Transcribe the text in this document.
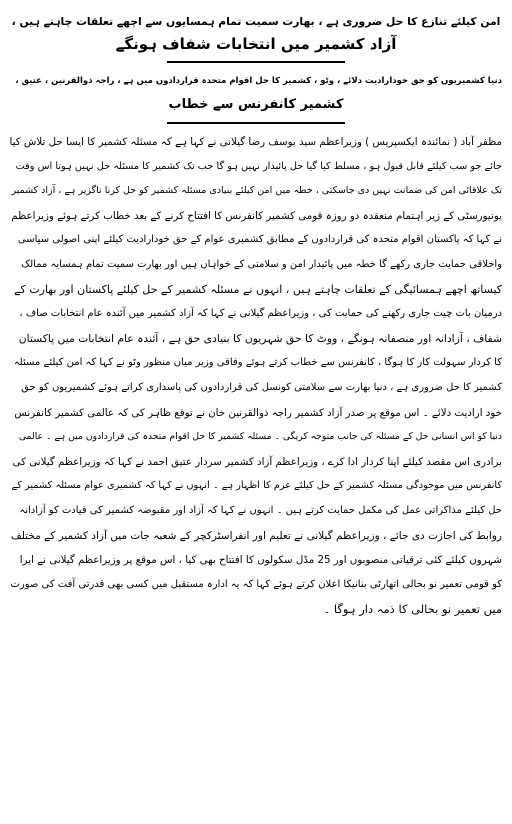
امن کیلئے تنازع کا حل ضروری ہے ، بھارت سمیت تمام ہمسایوں سے اچھے تعلقات چاہتے ہیں ،
آزاد کشمیر میں انتخابات شفاف ہونگے
دنیا کشمیریوں کو حق خودارادیت دلائے ، وٹو ، کشمیر کا حل اقوام متحدہ قراردادوں میں ہے ، راجہ ذوالقرنین ، عتیق ،
کشمیر کانفرنس سے خطاب
مظفر آباد ( نمائندہ ایکسپریس ) وزیراعظم سید یوسف رضا گیلانی نے کہا ہے کہ مسئلہ کشمیر کا ایسا حل تلاش کیا
جائے جو سب کیلئے قابل قبول ہو ، مسلط کیا گیا حل پائیدار نہیں ہو گا جب تک کشمیر کا مسئلہ حل نہیں ہوتا اس وقت
تک علاقائی امن کی ضمانت نہیں دی جاسکتی ، خطہ میں امن کیلئے بنیادی مسئلہ کشمیر کو حل کرنا ناگزیر ہے ، آزاد کشمیر
یونیورسٹی کے زیر اہتمام منعقدہ دو روزہ قومی کشمیر کانفرنس کا افتتاح کرنے کے بعد خطاب کرتے ہوئے وزیراعظم
نے کہا کہ پاکستان اقوام متحدہ کی قراردادوں کے مطابق کشمیری عوام کے حق خودارادیت کیلئے اپنی اصولی سیاسی
واخلاقی حمایت جاری رکھے گا خطہ میں پائیدار امن و سلامتی کے خواہاں ہیں اور بھارت سمیت تمام ہمسایہ ممالک
کیساتھ اچھے ہمسائیگی کے تعلقات چاہتے ہیں ، انہوں نے مسئلہ کشمیر کے حل کیلئے پاکستان اور بھارت کے
درمیان بات چیت جاری رکھنے کی حمایت کی ، وزیراعظم گیلانی نے کہا کہ آزاد کشمیر میں آئندہ عام انتخابات صاف ،
شفاف ، آزادانہ اور منصفانہ ہونگے ، ووٹ کا حق شہریوں کا بنیادی حق ہے ، آئندہ عام انتخابات میں پاکستان
کا کردار سہولت کار کا ہوگا ، کانفرنس سے خطاب کرتے ہوئے وفاقی وزیر میاں منظور وٹو نے کہا کہ امن کیلئے مسئلہ
کشمیر کا حل ضروری ہے ، دنیا بھارت سے سلامتی کونسل کی قراردادوں کی پاسداری کراتے ہوئے کشمیریوں کو حق
خود ارادیت دلائے ۔ اس موقع پر صدر آزاد کشمیر راجہ ذوالقرنین خان نے توقع ظاہر کی کہ عالمی کشمیر کانفرنس
دنیا کو اس انسانی حل کے مسئلہ کی جانب متوجہ کریگی ۔ مسئلہ کشمیر کا حل اقوام متحدہ کی قراردادوں میں ہے ۔ عالمی
برادری اس مقصد کیلئے اپنا کردار ادا کرے ، وزیراعظم آزاد کشمیر سردار عتیق احمد نے کہا کہ وزیراعظم گیلانی کی
کانفرنس میں موجودگی مسئلہ کشمیر کے حل کیلئے عزم کا اظہار ہے ۔ انہوں نے کہا کہ کشمیری عوام مسئلہ کشمیر کے
حل کیلئے مذاکراتی عمل کی مکمل حمایت کرتے ہیں ۔ انہوں نے کہا کہ آزاد اور مقبوضہ کشمیر کی قیادت کو آزادانہ
روابط کی اجازت دی جائے ، وزیراعظم گیلانی نے تعلیم اور انفراسٹرکچر کے شعبہ جات میں آزاد کشمیر کے مختلف
شہروں کیلئے کئی ترقیاتی منصوبوں اور 25 مڈل سکولوں کا افتتاح بھی کیا ، اس موقع پر وزیراعظم گیلانی نے ایرا
کو قومی تعمیر نو بحالی اتھارٹی بنانیکا اعلان کرتے ہوئے کہا کہ یہ ادارہ مستقبل میں کسی بھی قدرتی آفت کی صورت
میں تعمیر نو بحالی کا ذمہ دار ہوگا ۔
